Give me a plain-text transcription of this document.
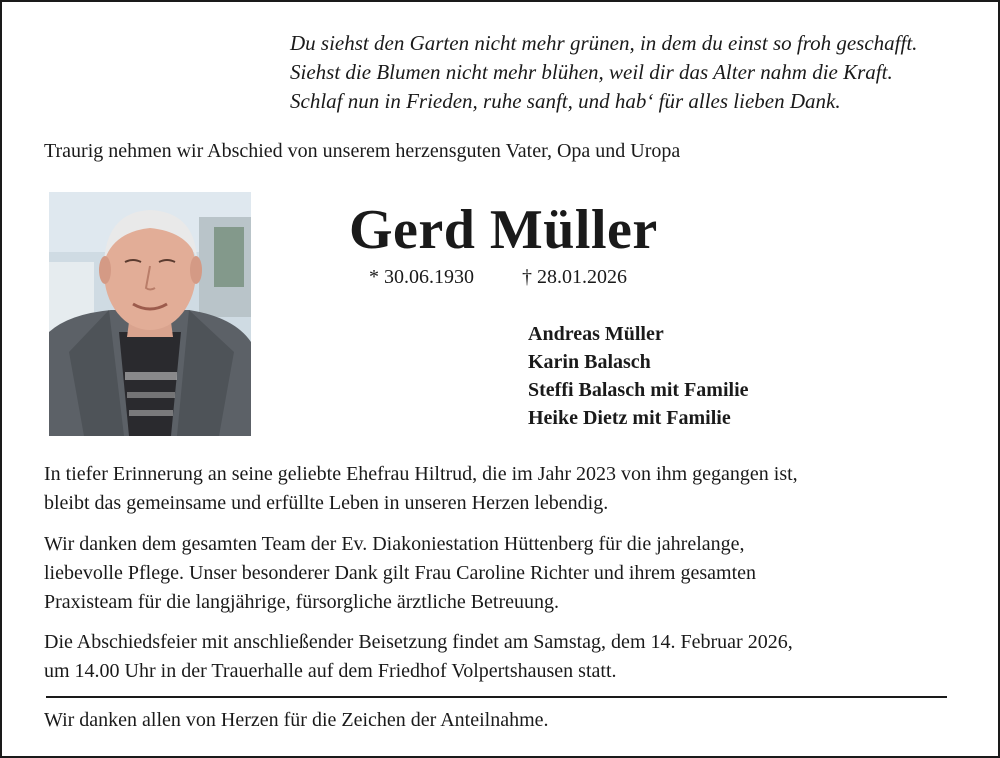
Du siehst den Garten nicht mehr grünen, in dem du einst so froh geschafft.
Siehst die Blumen nicht mehr blühen, weil dir das Alter nahm die Kraft.
Schlaf nun in Frieden, ruhe sanft, und hab‘ für alles lieben Dank.
Traurig nehmen wir Abschied von unserem herzensguten Vater, Opa und Uropa
Gerd Müller
* 30.06.1930 † 28.01.2026
Andreas Müller
Karin Balasch
Steffi Balasch mit Familie
Heike Dietz mit Familie
In tiefer Erinnerung an seine geliebte Ehefrau Hiltrud, die im Jahr 2023 von ihm gegangen ist,
bleibt das gemeinsame und erfüllte Leben in unseren Herzen lebendig.
Wir danken dem gesamten Team der Ev. Diakoniestation Hüttenberg für die jahrelange,
liebevolle Pflege. Unser besonderer Dank gilt Frau Caroline Richter und ihrem gesamten
Praxisteam für die langjährige, fürsorgliche ärztliche Betreuung.
Die Abschiedsfeier mit anschließender Beisetzung findet am Samstag, dem 14. Februar 2026,
um 14.00 Uhr in der Trauerhalle auf dem Friedhof Volpertshausen statt.
Wir danken allen von Herzen für die Zeichen der Anteilnahme.
